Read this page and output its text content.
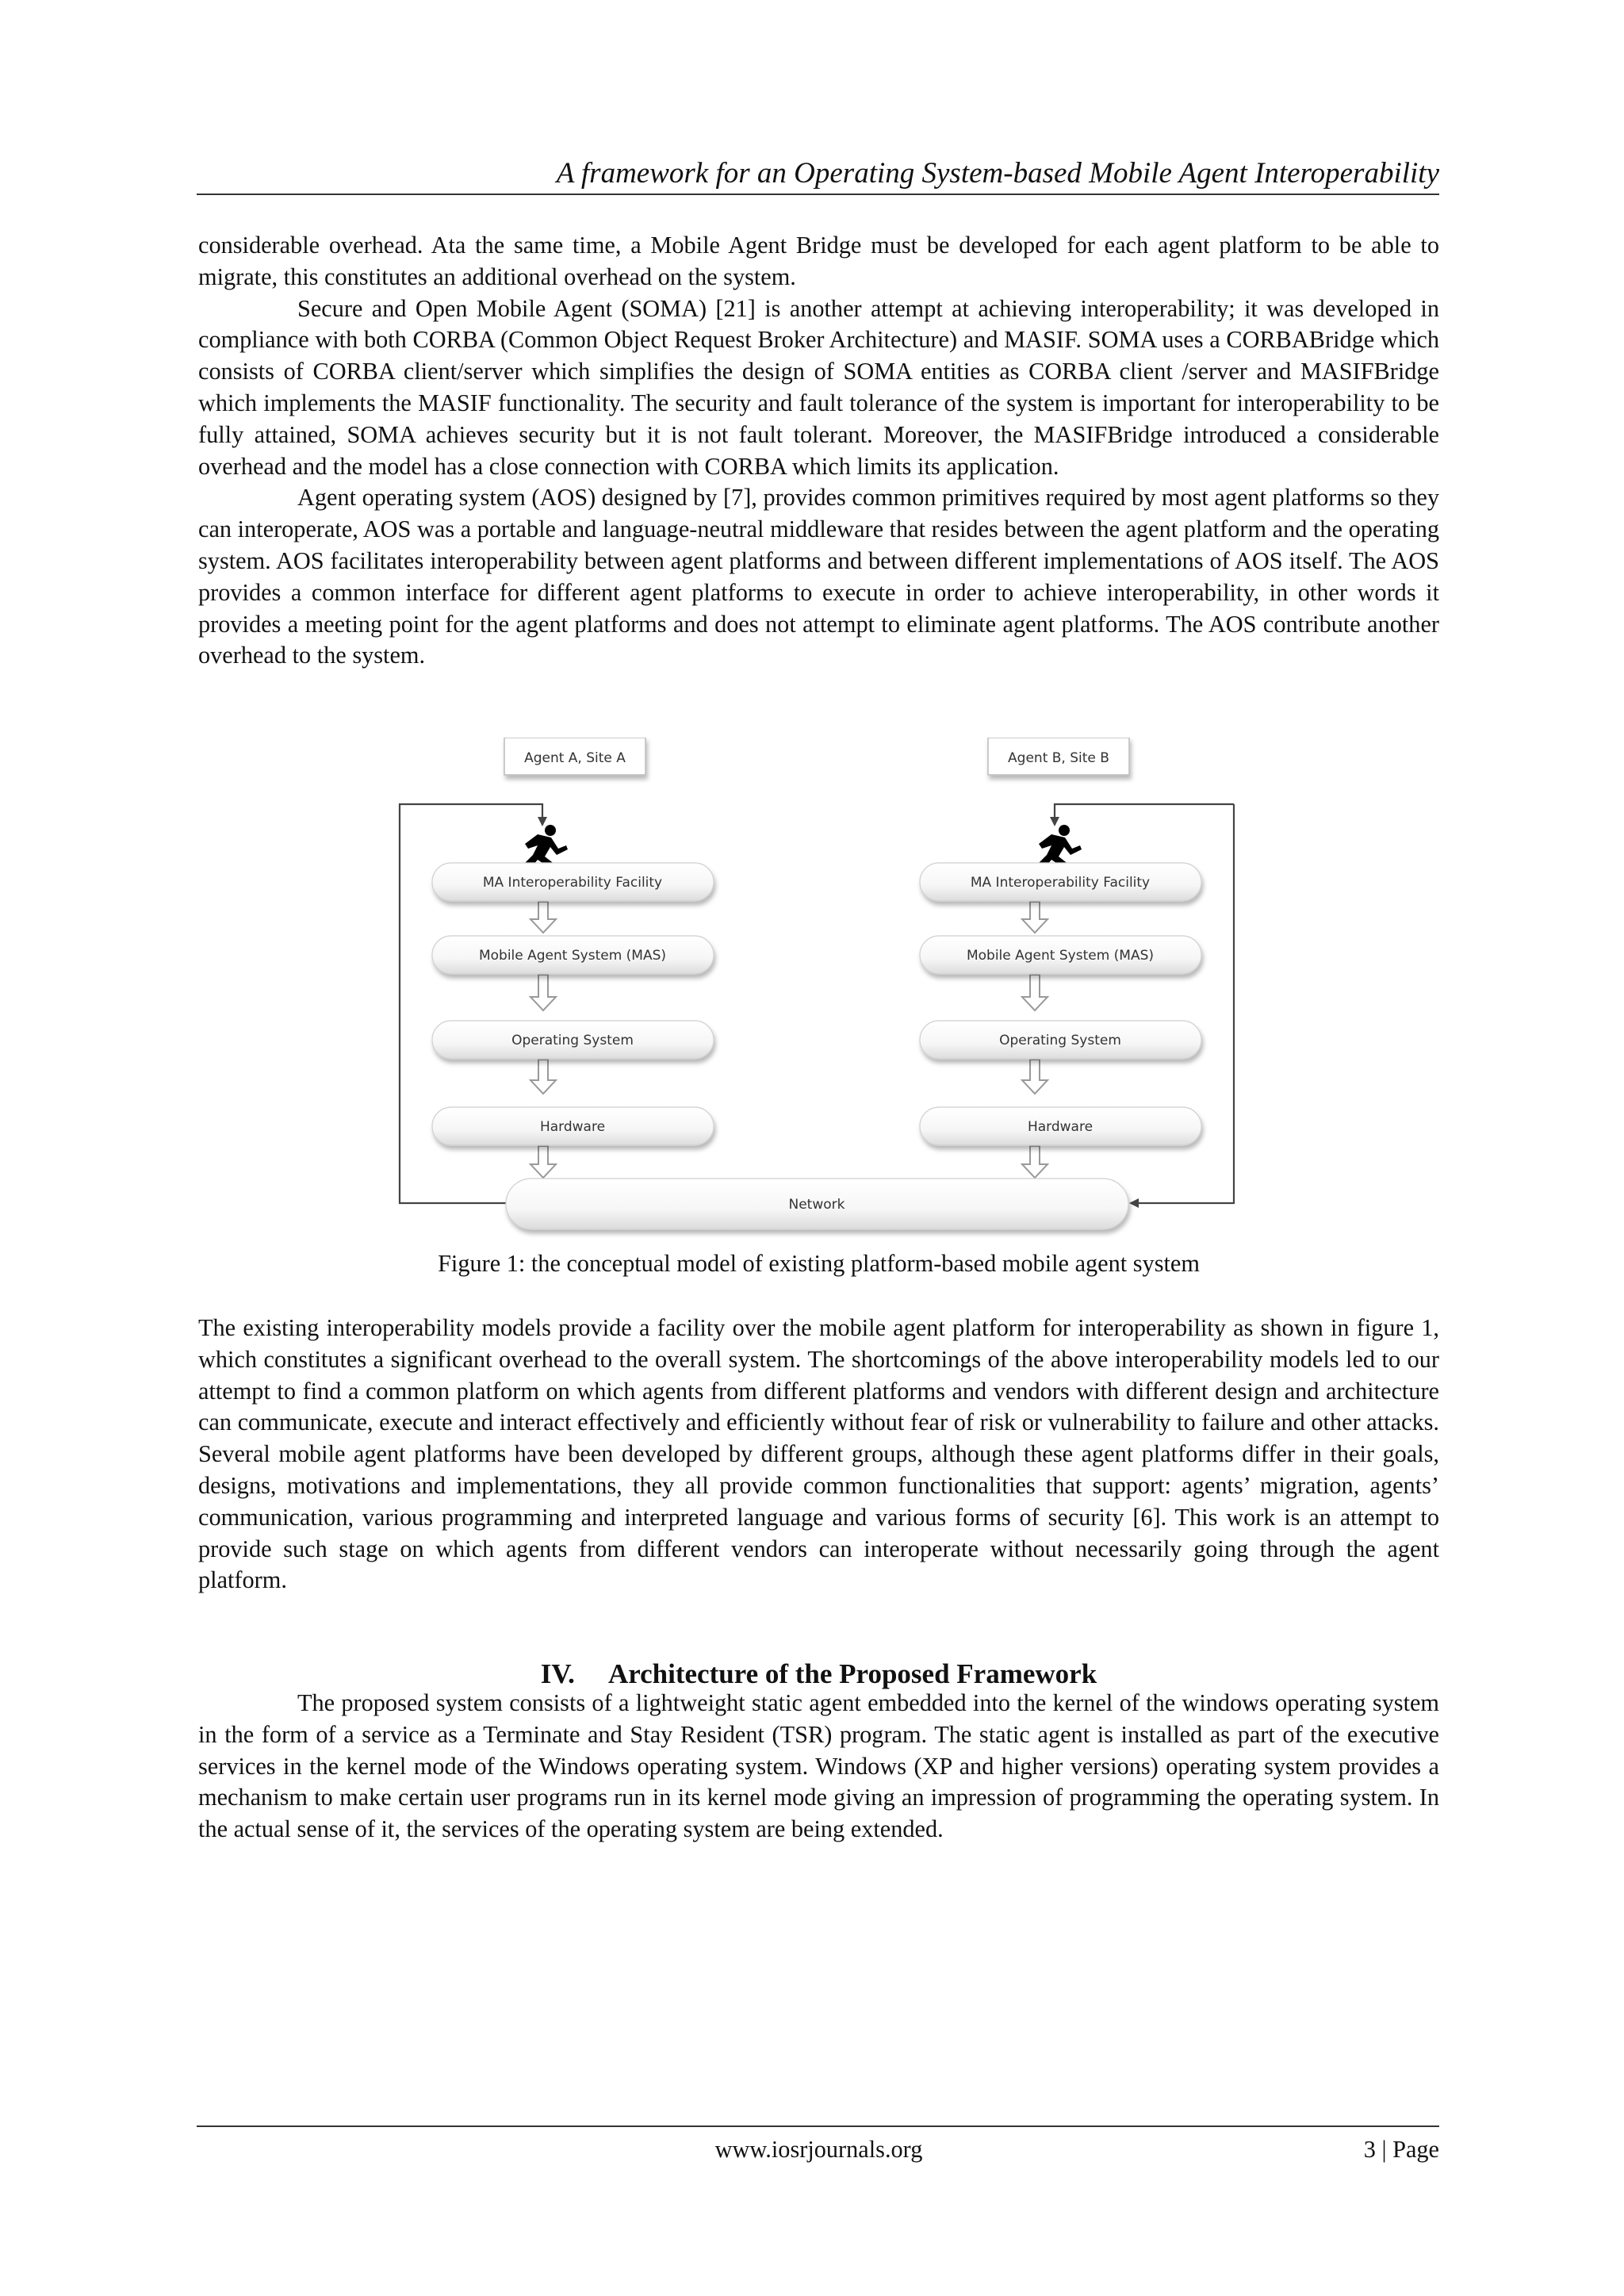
A framework for an Operating System-based Mobile Agent Interoperability

considerable overhead. Ata the same time, a Mobile Agent Bridge must be developed for each agent platform to be able to migrate, this constitutes an additional overhead on the system.

Secure and Open Mobile Agent (SOMA) [21] is another attempt at achieving interoperability; it was developed in compliance with both CORBA (Common Object Request Broker Architecture) and MASIF. SOMA uses a CORBABridge which consists of CORBA client/server which simplifies the design of SOMA entities as CORBA client /server and MASIFBridge which implements the MASIF functionality. The security and fault tolerance of the system is important for interoperability to be fully attained, SOMA achieves security but it is not fault tolerant. Moreover, the MASIFBridge introduced a considerable overhead and the model has a close connection with CORBA which limits its application.

Agent operating system (AOS) designed by [7], provides common primitives required by most agent platforms so they can interoperate, AOS was a portable and language-neutral middleware that resides between the agent platform and the operating system. AOS facilitates interoperability between agent platforms and between different implementations of AOS itself. The AOS provides a common interface for different agent platforms to execute in order to achieve interoperability, in other words it provides a meeting point for the agent platforms and does not attempt to eliminate agent platforms. The AOS contribute another overhead to the system.

Agent A, Site A	Agent B, Site B
MA Interoperability Facility
Mobile Agent System (MAS)
Operating System
Hardware
MA Interoperability Facility
Mobile Agent System (MAS)
Operating System
Hardware
Network
Figure 1: the conceptual model of existing platform-based mobile agent system

The existing interoperability models provide a facility over the mobile agent platform for interoperability as shown in figure 1, which constitutes a significant overhead to the overall system. The shortcomings of the above interoperability models led to our attempt to find a common platform on which agents from different platforms and vendors with different design and architecture can communicate, execute and interact effectively and efficiently without fear of risk or vulnerability to failure and other attacks. Several mobile agent platforms have been developed by different groups, although these agent platforms differ in their goals, designs, motivations and implementations, they all provide common functionalities that support: agents’ migration, agents’ communication, various programming and interpreted language and various forms of security [6]. This work is an attempt to provide such stage on which agents from different vendors can interoperate without necessarily going through the agent platform.

IV. Architecture of the Proposed Framework

The proposed system consists of a lightweight static agent embedded into the kernel of the windows operating system in the form of a service as a Terminate and Stay Resident (TSR) program. The static agent is installed as part of the executive services in the kernel mode of the Windows operating system. Windows (XP and higher versions) operating system provides a mechanism to make certain user programs run in its kernel mode giving an impression of programming the operating system. In the actual sense of it, the services of the operating system are being extended.

www.iosrjournals.org	3 | Page
